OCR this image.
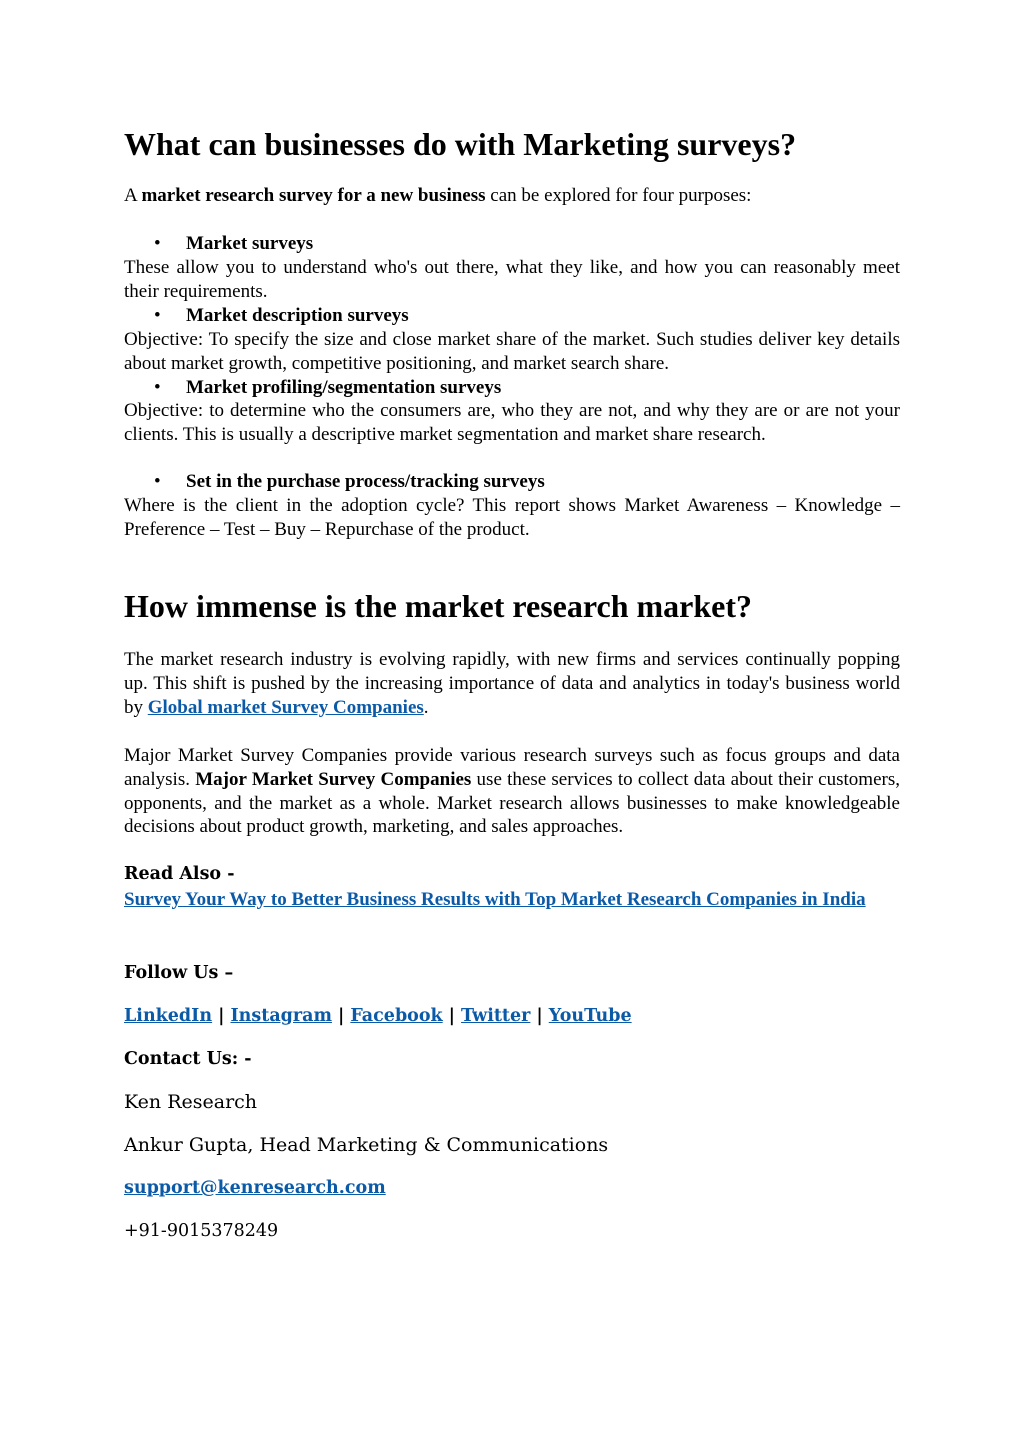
What can businesses do with Marketing surveys?

A market research survey for a new business can be explored for four purposes:

• Market surveys

These allow you to understand who's out there, what they like, and how you can reasonably meet their requirements.

• Market description surveys

Objective: To specify the size and close market share of the market. Such studies deliver key details about market growth, competitive positioning, and market search share.

• Market profiling/segmentation surveys

Objective: to determine who the consumers are, who they are not, and why they are or are not your clients. This is usually a descriptive market segmentation and market share research.

• Set in the purchase process/tracking surveys

Where is the client in the adoption cycle? This report shows Market Awareness – Knowledge – Preference – Test – Buy – Repurchase of the product.

How immense is the market research market?

The market research industry is evolving rapidly, with new firms and services continually popping up. This shift is pushed by the increasing importance of data and analytics in today's business world by Global market Survey Companies.

Major Market Survey Companies provide various research surveys such as focus groups and data analysis. Major Market Survey Companies use these services to collect data about their customers, opponents, and the market as a whole. Market research allows businesses to make knowledgeable decisions about product growth, marketing, and sales approaches.

Read Also -

Survey Your Way to Better Business Results with Top Market Research Companies in India

Follow Us –
LinkedIn | Instagram | Facebook | Twitter | YouTube
Contact Us: -
Ken Research
Ankur Gupta, Head Marketing & Communications
support@kenresearch.com
+91-9015378249
